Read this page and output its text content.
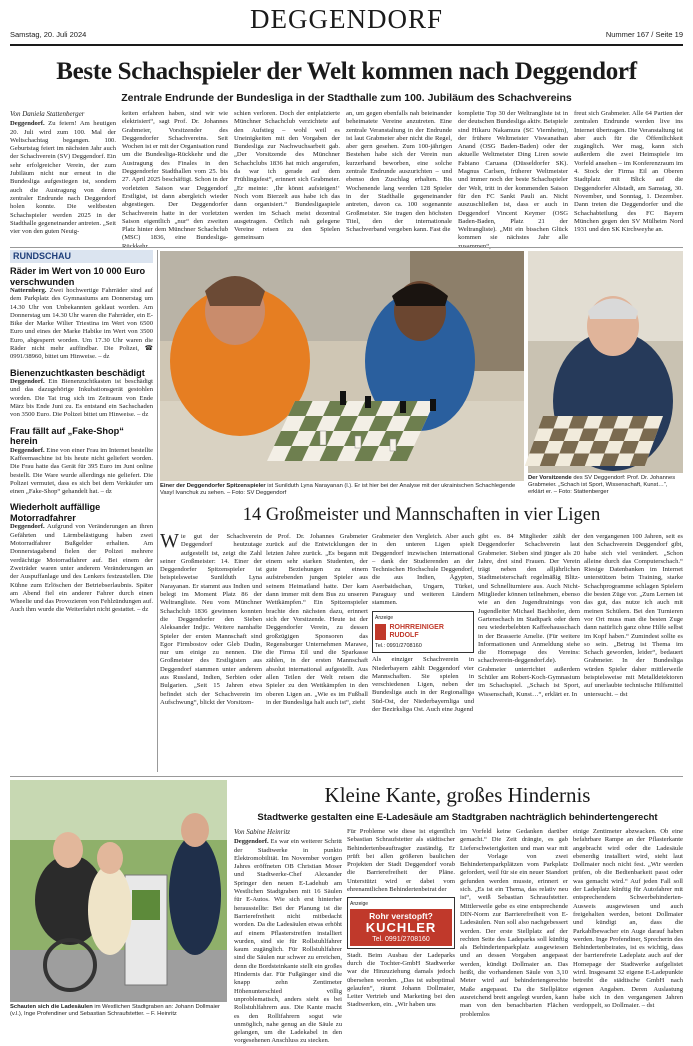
DEGGENDORF
Samstag, 20. Juli 2024	Nummer 167 / Seite 19
Beste Schachspieler der Welt kommen nach Deggendorf
Zentrale Endrunde der Bundesliga in der Stadthalle zum 100. Jubiläum des Schachvereins
Von Daniela Stattenberger
Deggendorf. Zu feiern! Am heutigen 20. Juli wird zum 100. Mal der Weltschachtag begangen. 100. Geburtstag feiert im nächsten Jahr auch der Schachverein (SV) Deggendorf. Ein sehr erfolgreicher Verein, der zum Jubiläum nicht nur erneut in die Bundesliga aufgestiegen ist, sondern auch die Austragung von deren zentraler Endrunde nach Deggendorf holen konnte. Die weltbesten Schachspieler werden 2025 in der Stadthalle gegeneinander antreten. „Seit vier von den guten Neuig-
keiten erfahren haben, sind wir wie elektrisiert“, sagt Prof. Dr. Johannes Grabmeier, Vorsitzender des Deggendorfer Schachvereins. Seit Wochen ist er mit der Organisation rund um die Bundesliga-Rückkehr und die Austragung des Finales in den Deggendorfer Stadthallen vom 25. bis 27. April 2025 beschäftigt. Schon in der vorletzten Saison war Deggendorf Erstligist, ist dann abergleich wieder abgestiegen. Der Deggendorfer Schachverein hatte in der vorletzten Saison eigentlich „nur“ den zweiten Platz hinter dem Münchner Schachclub (MSC) 1836, eine Bundesliga-
schien verloren. Doch der entplatzierte Münchner Schachclub verzichtete auf den Aufstieg – wohl weil es Uneinigkeiten mit den Vorgaben der Bundesliga zur Nachwuchsarbeit gab. „Der Vorsitzende des Münchner Schachclubs 1836 hat mich angerufen, da war ich gerade auf dem Frühlingsfest“, erinnert sich Grabmeier. „Er meinte: ‚Ihr könnt aufsteigen!‘ Noch vom Bierzelt aus habe ich das dann organisiert.“ Bundesligaspiele werden im Schach meist dezentral ausgetragen. Örtlich nah gelegene Vereine reisen zu den Spielen gemeinsam
an, um gegen ebenfalls nah beieinander beheimatete Vereine anzutreten. Eine zentrale Veranstaltung in der Endrunde ist laut Grabmeier aber nicht die Regel, aber gern gesehen. Zum 100-jährigen Bestehen habe sich der Verein nun kurzerhand beworben, eine solche zentrale Endrunde auszurichten – und ebenso den Zuschlag erhalten. Bis Wochenende lang werden 128 Spieler in der Stadthalle gegeneinander antreten, davon ca. 100 sogenannte Großmeister. Sie tragen den höchsten Titel, den der internationale Schachverband vergeben kann. Fast die
komplette Top 30 der Weltrangliste ist in der deutschen Bundesliga aktiv. Beispiele sind Hikaru Nakamura (SC Viernheim), der frühere Weltmeister Viswanathan Anand (OSG Baden-Baden) oder der aktuelle Weltmeister Ding Liren sowie Fabiano Caruana (Düsseldorfer SK). Magnus Carlsen, früherer Weltmeister und immer noch der beste Schachspieler der Welt, tritt in der kommenden Saison für den FC Sankt Pauli an. Nicht auszuschließen ist, dass er auch in Deggendorf Vincent Keymer (OSG Baden-Baden, Platz 21 der Weltrangliste). „Mit ein bisschen Glück kommen sie nächstes Jahr alle
freut sich Grabmeier. Alle 64 Partien der zentralen Endrunde werden live ins Internet übertragen. Die Veranstaltung ist aber auch für die Öffentlichkeit zugänglich. Wer mag, kann sich außerdem die zwei Heimspiele im Vorfeld ansehen – im Konferenzraum im 4. Stock der Firma Eil an Oberen Stadtplatz mit Blick auf die Deggendorfer Altstadt, am Samstag, 30. November, und Sonntag, 1. Dezember. Dann treten die Deggendorfer und die Schachabteilung des FC Bayern München gegen den SV Mülheim Nord 1931 und den SK Kirchweyhe an.
RUNDSCHAU
Räder im Wert von 10 000 Euro verschwunden
Natternberg. Zwei hochwertige Fahrräder sind auf dem Parkplatz des Gymnasiums am Donnerstag um 14.30 Uhr von Unbekannten geklaut worden. Am Donnerstag um 14.30 Uhr waren die Fahrräder, ein E-Bike der Marke Wilier Triestina im Wert von 6500 Euro und eines der Marke Habike im Wert von 3500 Euro, abgesperrt worden. Um 17.30 Uhr waren die Räder nicht mehr auffindbar. Die Polizei, ☎ 0991/38960, bittet um Hinweise. – dz
Bienenzuchtkasten beschädigt
Deggendorf. Ein Bienenzuchtkasten ist beschädigt und das dazugehörige Inkubationsgerät gestohlen worden. Die Tat trug sich im Zeitraum von Ende März bis Ende Juni zu. Es entstand ein Sachschaden von 3500 Euro. Die Polizei bittet um Hinweise. – dz
Frau fällt auf „Fake-Shop“ herein
Deggendorf. Eine von einer Frau im Internet bestellte Kaffeemaschine ist bis heute nicht geliefert worden. Die Frau hatte das Gerät für 395 Euro im Juni online bestellt. Die Ware wurde allerdings nie geliefert. Die Polizei vermutet, dass es sich bei dem Verkäufer um einen „Fake-Shop“ gehandelt hat. – dz
Wiederholt auffällige Motorradfahrer
Deggendorf. Aufgrund von Veränderungen an ihren Gefährten und Lärmbelästigung haben zwei Motorradfahrer Bußgelder erhalten. Am Donnerstagabend fielen der Polizei mehrere verdächtige Motorradfahrer auf. Bei einem der Zweiräder waren unter anderem Veränderungen an der Auspuffanlage und des Lenkers festzustellen. Die Kühne zum Erlöschen der Betriebserlaubnis. Später am Abend fiel ein anderer Fahrer durch einen Wheelie und das Provozieren von Fehlzündungen auf. Auch ihm wurde die Weiterfahrt nicht gestattet. – dz
Einer der Deggendorfer Spitzenspieler ist Sunilduth Lyna Narayanan (l.). Er ist hier bei der Analyse mit der ukrainischen Schachlegende Vasyl Ivanchuk zu sehen. – Foto: SV Deggendorf
Der Vorsitzende des SV Deggendorf: Prof. Dr. Johannes Grabmeier. „Schach ist Sport, Wissenschaft, Kunst…“, erklärt er. – Foto: Stattenberger
14 Großmeister und Mannschaften in vier Ligen
Wie gut der Schachverein Deggendorf heutzutage aufgestellt ist, zeigt die Zahl seiner Großmeister: 14. Einer der Deggendorfer Spitzenspieler ist beispielsweise Sunilduth Lyna Narayanan. Er stammt aus Indien und belegt im Moment Platz 86 der Weltrangliste. Neu vom Münchner Schachclub 1836 gewinnen konnten die Deggendorfer den Sieben Aleksander Indjic. Weitere namhafte Spieler der ersten Mannschaft sind Egor Firmbostov oder Gleb Dudin, nur um einige zu nennen. Die Großmeister des Erstligisten aus Deggendorf stammen unter anderem aus Russland, Indien, Serbien oder Bulgarien. „Seit 15 Jahren etwa befindet sich der Schachverein im Aufschwung“, blickt der Vorsitzen-
de Prof. Dr. Johannes Grabmeier zurück auf die Entwicklungen der letzten Jahre zurück. „Es begann mit einem sehr starken Studenten, der gute Beziehungen zu einem aufstrebenden jungen Spieler aus seinem Heimatland hatte. Der kam dann immer mit dem Bus zu unseren Wettkämpfen.“ Ein Spitzenspieler brachte den nächsten dazu, erinnert sich der Vorsitzende. Heute ist der Deggendorfer Verein, zu dessen großzügigen Sponsoren das Regensburger Unternehmen Marawe, die Firma Eil und die Sparkasse zählen, in der ersten Mannschaft absolut international aufgestellt. Aus allen Teilen der Welt reisen die Spieler zu den Wettkämpfen in den oberen Ligen an. „Wie es im Fußball in der Bundesliga halt auch ist“, zieht
Grabmeier den Vergleich. Aber auch in den unteren Ligen spielt Deggendorf inzwischen international – dank der Studierenden an der Technischen Hochschule Deggendorf, die aus Indien, Ägypten, Aserbaidschan, Ungarn, Türkei, Paraguay und weiteren Ländern stammen.
Anzeige
ROHRREINIGER RUDOLF
Tel.: 0991/2708160
Als einziger Schachverein in Niederbayern zählt Deggendorf vier Mannschaften. Sie spielen in verschiedenen Ligen, neben der Bundesliga auch in der Regionalliga Süd-Ost, der Niederbayernliga und der Bezirksliga Ost. Auch eine Jugend
gibt es. 84 Mitglieder zählt der Deggendorfer Schachverein laut Grabmeier. Sieben sind jünger als 20 Jahre, drei sind Frauen. Der Verein trägt neben den alljährlichen Stadtmeisterschaft regelmäßig Blitz- und Schnellturniere aus. Auch Nicht-Mitglieder können teilnehmen, ebenso wie an den Jugendtrainings von Jugendleiter Michael Bachhofer, dem Gartenschach im Stadtpark oder dem neu wiederbelebten Kaffeehausschach in der Brasserie Amelie. (Für weitere Informationen und Anmeldung siehe die Homepage des Vereins: schachverein-deggendorf.de). Grabmeier unterrichtet außerdem Schüler am Robert-Koch-Gymnasium im Schachspiel. „Schach ist Sport, Wissenschaft, Kunst…“, erklärt er. In
den vergangenen 100 Jahren, seit es den Schachverein Deggendorf gibt, habe sich viel verändert. „Schon alleine durch das Computerschach.“ Riesige Datenbanken im Internet unterstützen beim Training, starke Schachprogramme schlagen Spielern die besten Züge vor. „Zum Lernen ist das gut, das nutze ich auch mit meinen Schülern. Bei den Turnieren vor Ort muss man die besten Zuge dann natürlich ganz ohne Hilfe selbst im Kopf haben.“ Zumindest sollte es so sein. „Betrug ist Thema im Schach geworden, leider“, bedauert Grabmeier. In der Bundesliga würden Spieler daher mittlerweile beispielsweise mit Metalldetektoren auf unerlaubte technische Hilfsmittel untersucht. – dst
Schauten sich die Ladesäulen im Westlichen Stadtgraben an: Johann Dollmaier (v.l.), Inge Profendiner und Sebastian Schraufstetter. – F. Heinritz
Kleine Kante, großes Hindernis
Stadtwerke gestalten eine E-Ladesäule am Stadtgraben nachträglich behindertengerecht
Von Sabine Heinritz
Deggendorf. Es war ein weiterer Schritt der Stadtwerke in punkto Elektromobilität. Im November vorigen Jahres eröffneten OB Christian Moser und Stadtwerke-Chef Alexander Springer den neuen E-Ladehub am Westlichen Stadtgraben mit 16 Säulen für E-Autos. Wie sich erst hinterher herausstellte: Bei der Planung ist die Barrierefreiheit nicht mitbedacht worden. Da die Ladesäulen etwas erhöht auf einem Pflasterstreifen installiert wurden, sind sie für Rollstuhlfahrer kaum zugänglich. Für Rollstuhlfahrer sind die Säulen nur schwer zu erreichen, denn die Bordsteinkante stellt ein großes Hindernis dar. Für Fußgänger sind die knapp zehn Zentimeter Höhenunterschied völlig unproblematisch, anders sieht es bei Rollstuhlfahrern aus. Die Kante macht es den Rollifahrern sogut wie unmöglich, nahe genug an die Säule zu gelangen, um die Ladekabel in den vorgesehenen Anschluss zu stecken.
Für Probleme wie diese ist eigentlich Sebastian Schraufstetter als städtischer Behindertenbeauftragter zuständig. Er prüft bei allen größeren baulichen Projekten der Stadt Deggendorf vorab die Barrierefreiheit der Pläne. Unterstützt wird er dabei vom ehrenamtlichen Behindertenbeirat der
Anzeige
Rohr verstopft?
KUCHLER
Tel. 0991/2708160
Stadt. Beim Ausbau der Ladeparks durch die Tochter-GmbH Stadtwerke war die Hinzuziehung damals jedoch übersehen worden. „Das ist suboptimal gelaufen“, räumt Johann Dollmaier, Leiter Vertrieb und Marketing bei den Stadtwerken, ein. „Wir haben uns
im Vorfeld keine Gedanken darüber gemacht.“ Die Zeit drängte, es gab Lieferschwierigkeiten und man war mit der Vorlage von zwei Behindertenparkplätzen vom Parkplatz gefordert, weil für sie ein neuer Standort gefunden werden musste, erinnert er sich. „Es ist ein Thema, das relativ neu ist“, weiß Sebastian Schraufstetter. Mittlerweile gebe es eine entsprechende DIN-Norm zur Barrierefreiheit von E-Ladesäulen. Nun soll also nachgebessert werden. Der erste Stellplatz auf der rechten Seite des Ladeparks soll künftig als Behindertenparkplatz ausgewiesen und an dessen Vorgaben angepasst werden, kündigt Dollmaier an. Das heißt, die vorhandenen Säule von 3,10 Meter wird auf behindertengerechte Maße angepasst. Da die Stellplätze ausreichend breit angelegt wurden, kann man von den benachbarten Flächen problemlos
einige Zentimeter abzwacken. Ob eine befahrbare Rampe an der Pflasterkante angebracht wird oder die Ladesäule ebenerdig installiert wird, steht laut Dollmaier noch nicht fest. „Wir werden prüfen, ob die Bedienbarkeit passt oder was gemacht wird.“ Auf jeden Fall soll der Ladeplatz künftig für Autofahrer mit entsprechendem Schwerbehinderten-Ausweis ausgewiesen und auch freigehalten werden, betont Dollmaier und kündigt an, dass die Parkablbewacher ein Auge darauf haben werden. Inge Profendiner, Sprecherin des Behindertenbeirates, ist es wichtig, dass der barrierefreie Ladeplatz auch auf der Homepage der Stadtwerke aufgelistet wird. Insgesamt 32 eigene E-Ladepunkte betreibt die städtische GmbH nach eigenen Angaben. Deren Auslastung habe sich in den vergangenen Jahren verdoppelt, so Dollmaier. – dst
